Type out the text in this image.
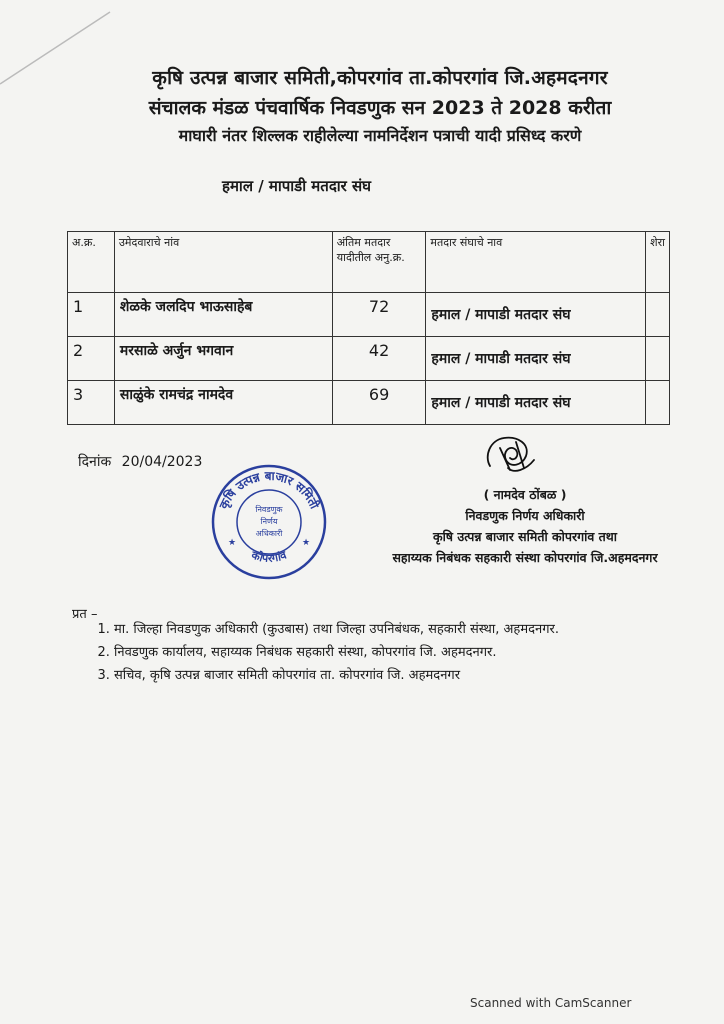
कृषि उत्पन्न बाजार समिती,कोपरगांव ता.कोपरगांव जि.अहमदनगर
संचालक मंडळ पंचवार्षिक निवडणुक सन 2023 ते 2028 करीता
माघारी नंतर शिल्लक राहीलेल्या नामनिर्देशन पत्राची यादी प्रसिध्द करणे
हमाल / मापाडी मतदार संघ
अ.क्र.	उमेदवाराचे नांव	अंतिम मतदार यादीतील अनु.क्र.	मतदार संघाचे नाव	शेरा
1	शेळके जलदिप भाऊसाहेब	72	हमाल / मापाडी मतदार संघ	
2	मरसाळे अर्जुन भगवान	42	हमाल / मापाडी मतदार संघ	
3	साळुंके रामचंद्र नामदेव	69	हमाल / मापाडी मतदार संघ	
दिनांक 20/04/2023
कृषि उत्पन्न बाजार समिती
कोपरगांव
निवडणुक
निर्णय
अधिकारी
★	★
( नामदेव ठोंबळ )
निवडणुक निर्णय अधिकारी
कृषि उत्पन्न बाजार समिती कोपरगांव तथा
सहाय्यक निबंधक सहकारी संस्था कोपरगांव जि.अहमदनगर
प्रत –
1. मा. जिल्हा निवडणुक अधिकारी (कुउबास) तथा जिल्हा उपनिबंधक, सहकारी संस्था, अहमदनगर.
2. निवडणुक कार्यालय, सहाय्यक निबंधक सहकारी संस्था, कोपरगांव जि. अहमदनगर.
3. सचिव, कृषि उत्पन्न बाजार समिती कोपरगांव ता. कोपरगांव जि. अहमदनगर
Scanned with CamScanner
